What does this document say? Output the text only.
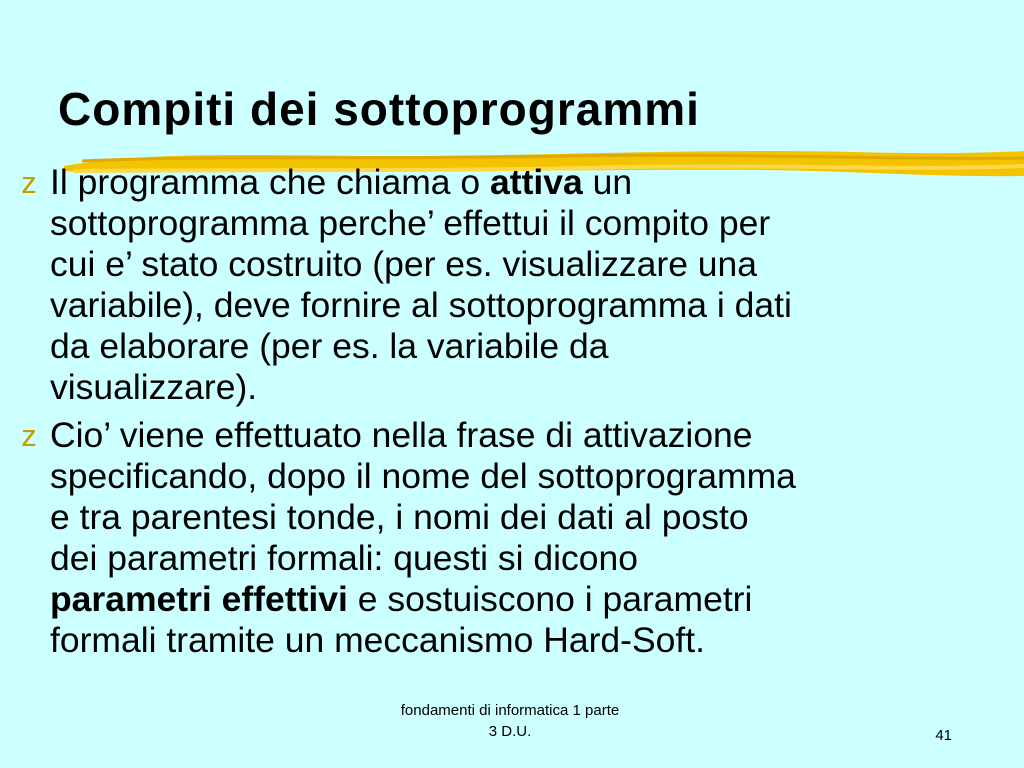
Compiti dei sottoprogrammi
z Il programma che chiama o attiva un
sottoprogramma perche’ effettui il compito per
cui e’ stato costruito (per es. visualizzare una
variabile), deve fornire al sottoprogramma i dati
da elaborare (per es. la variabile da
visualizzare).
z Cio’ viene effettuato nella frase di attivazione
specificando, dopo il nome del sottoprogramma
e tra parentesi tonde, i nomi dei dati al posto
dei parametri formali: questi si dicono
parametri effettivi e sostuiscono i parametri
formali tramite un meccanismo Hard-Soft.
fondamenti di informatica 1 parte
3 D.U.	41
